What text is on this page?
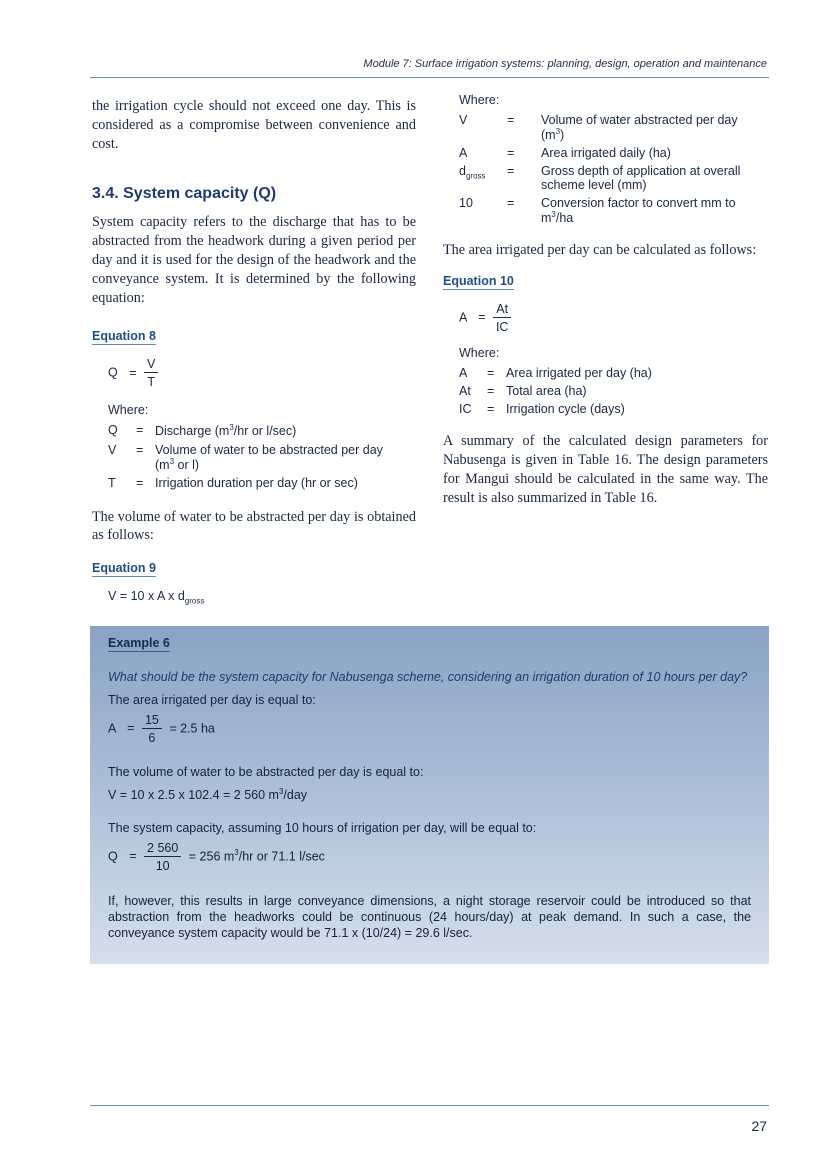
Module 7: Surface irrigation systems: planning, design, operation and maintenance

the irrigation cycle should not exceed one day. This is considered as a compromise between convenience and cost.

3.4. System capacity (Q)

System capacity refers to the discharge that has to be abstracted from the headwork during a given period per day and it is used for the design of the headwork and the conveyance system. It is determined by the following equation:

Equation 8
$Q = \frac{V}{T}$
Where:
Q	= Discharge ($m^3/hr$ or l/sec)
V	= Volume of water to be abstracted per day
($m^3$ or l)
T	= Irrigation duration per day (hr or sec)

The volume of water to be abstracted per day is obtained as follows:

Equation 9
V = 10 x A x $d_{gross}$
Where:
V	=	Volume of water abstracted per day
$(m^3)$
A	=	Area irrigated daily (ha)
$d_{gross}$	=	Gross depth of application at overall scheme level (mm)
10	=	Conversion factor to convert mm to $m^3/ha$

The area irrigated per day can be calculated as follows:

Equation 10
$A = \frac{At}{IC}$
Where:
A	= Area irrigated per day (ha)
At	= Total area (ha)
IC	= Irrigation cycle (days)

A summary of the calculated design parameters for Nabusenga is given in Table 16. The design parameters for Mangui should be calculated in the same way. The result is also summarized in Table 16.

Example 6
What should be the system capacity for Nabusenga scheme, considering an irrigation duration of 10 hours per day?
The area irrigated per day is equal to:
$A = \frac{15}{6} = 2.5$ ha
The volume of water to be abstracted per day is equal to:
V = 10 x 2.5 x 102.4 = 2 560 $m^3$/day
The system capacity, assuming 10 hours of irrigation per day, will be equal to:
$Q = \frac{2 560}{10} = 256$ $m^3/hr$ or 71.1 l/sec
If, however, this results in large conveyance dimensions, a night storage reservoir could be introduced so that abstraction from the headworks could be continuous (24 hours/day) at peak demand. In such a case, the conveyance system capacity would be 71.1 x (10/24) = 29.6 l/sec.
27
